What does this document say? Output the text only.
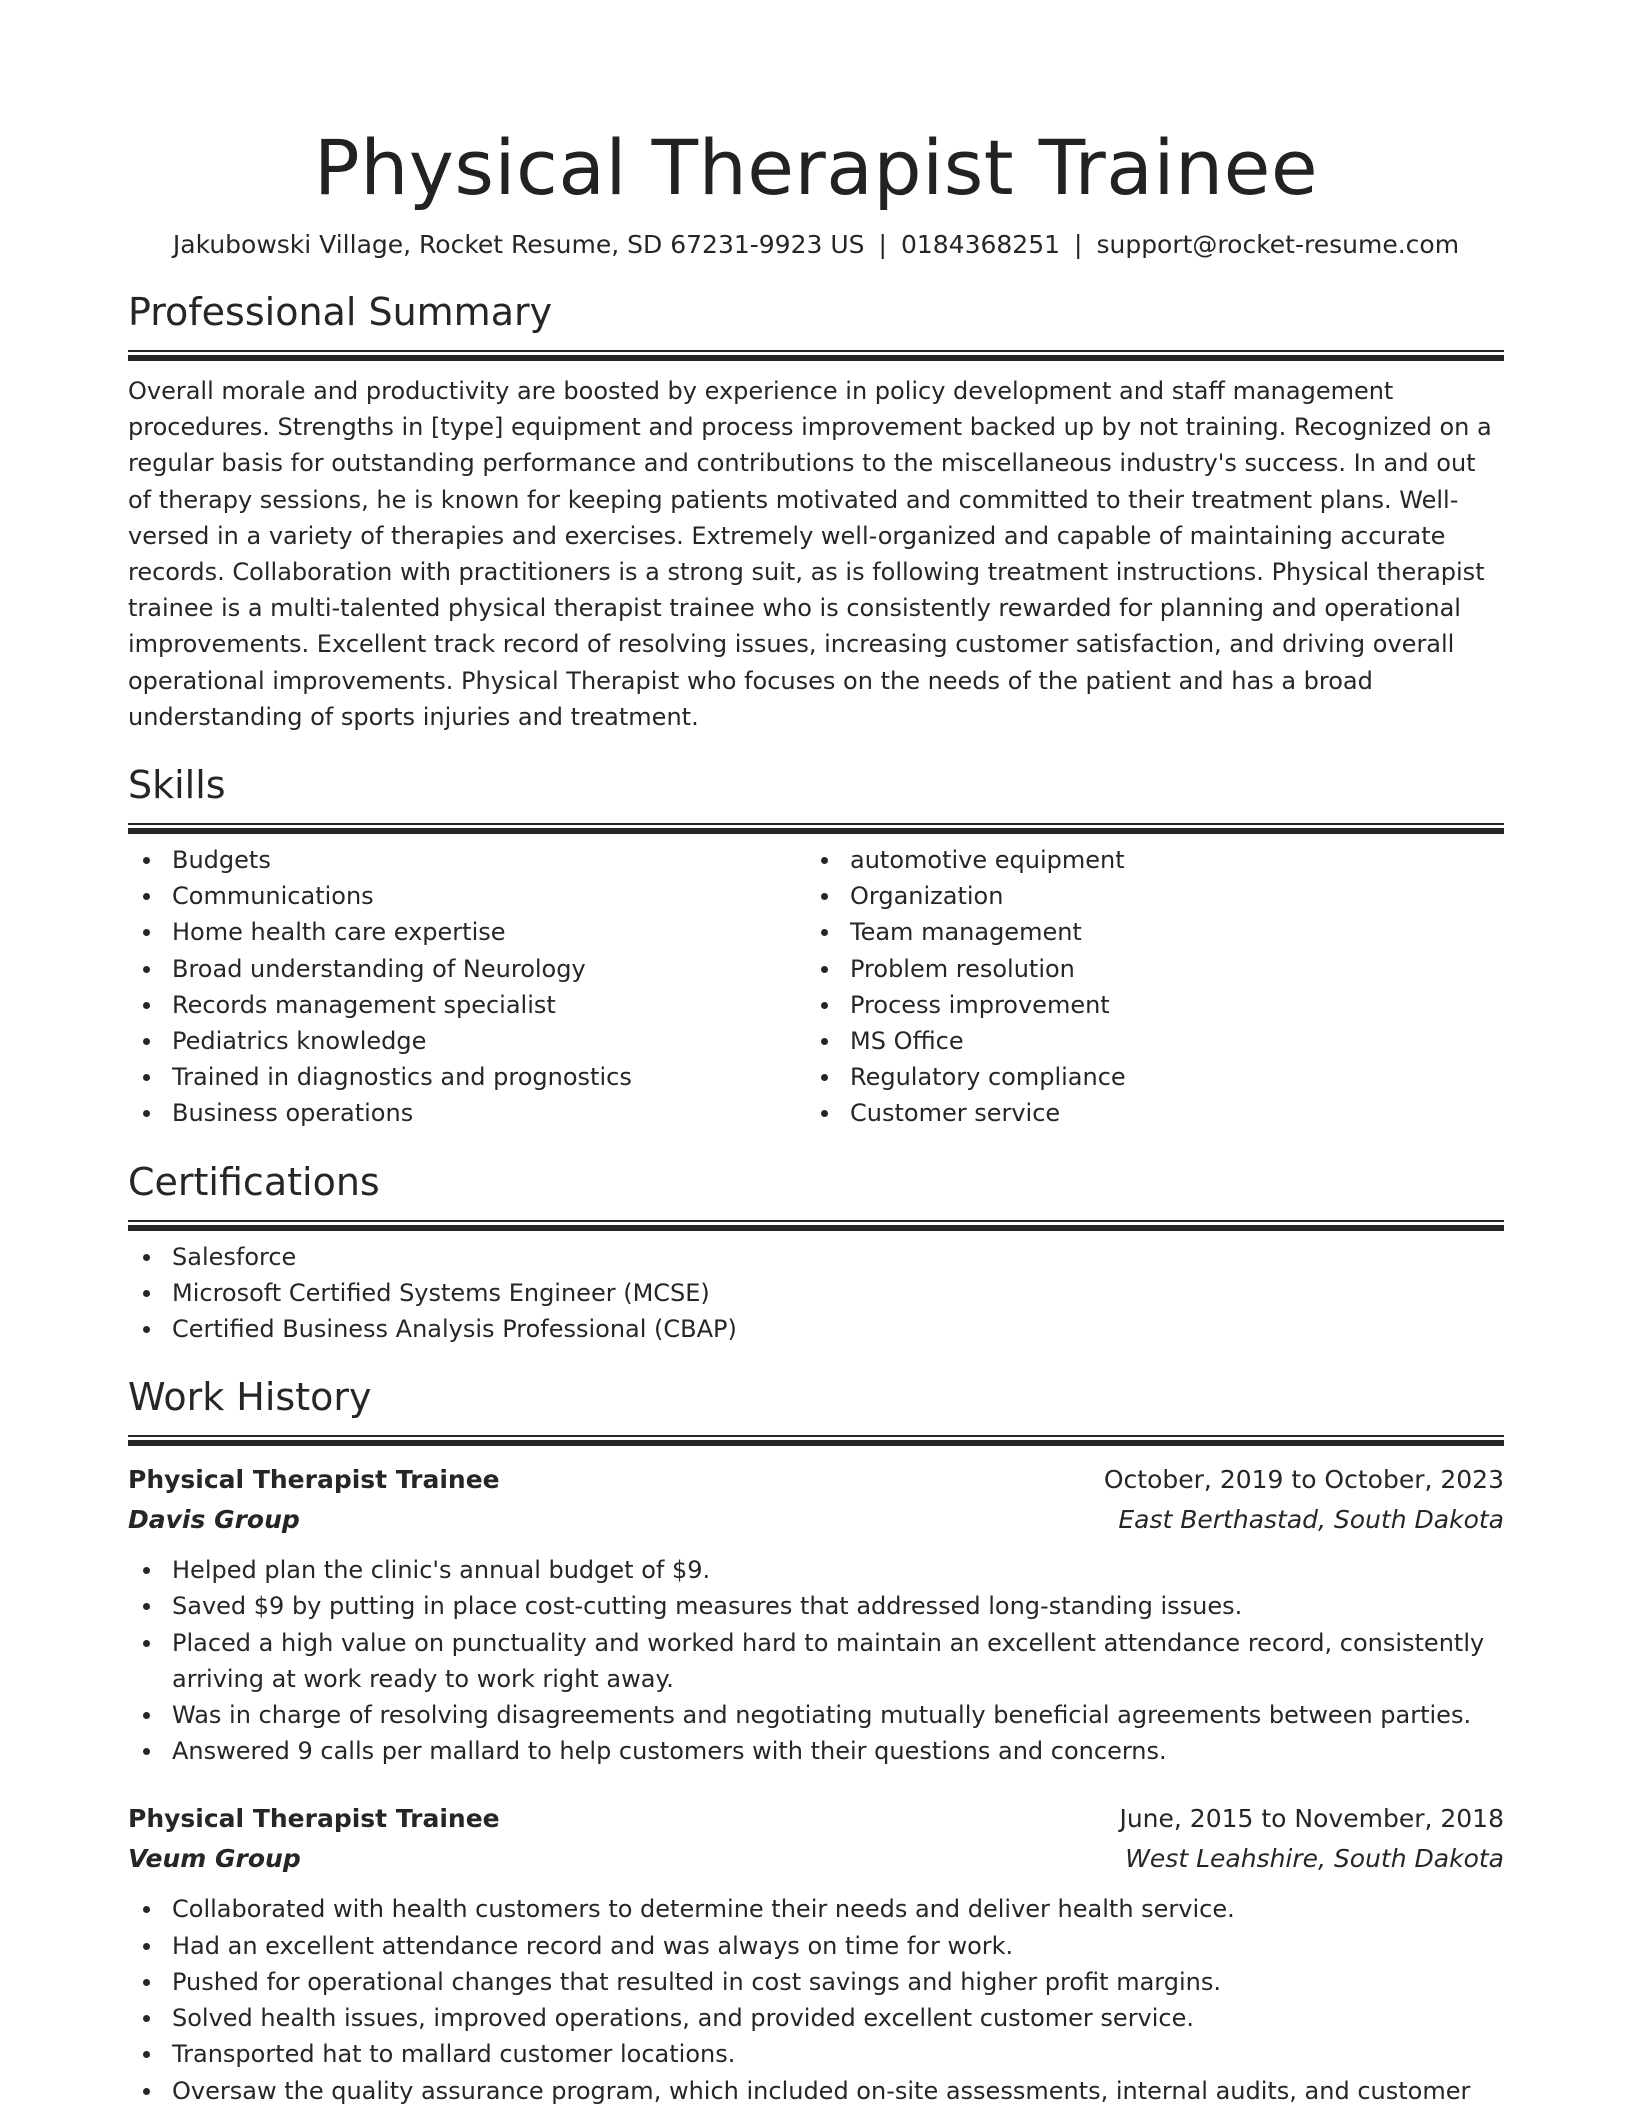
Physical Therapist Trainee
Jakubowski Village, Rocket Resume, SD 67231-9923 US | 0184368251 | support@rocket-resume.com
Professional Summary

Overall morale and productivity are boosted by experience in policy development and staff management procedures. Strengths in [type] equipment and process improvement backed up by not training. Recognized on a regular basis for outstanding performance and contributions to the miscellaneous industry's success. In and out of therapy sessions, he is known for keeping patients motivated and committed to their treatment plans. Well-versed in a variety of therapies and exercises. Extremely well-organized and capable of maintaining accurate records. Collaboration with practitioners is a strong suit, as is following treatment instructions. Physical therapist trainee is a multi-talented physical therapist trainee who is consistently rewarded for planning and operational improvements. Excellent track record of resolving issues, increasing customer satisfaction, and driving overall operational improvements. Physical Therapist who focuses on the needs of the patient and has a broad understanding of sports injuries and treatment.

Skills
Budgets
Communications
Home health care expertise
Broad understanding of Neurology
Records management specialist
Pediatrics knowledge
Trained in diagnostics and prognostics
Business operations
automotive equipment
Organization
Team management
Problem resolution
Process improvement
MS Office
Regulatory compliance
Customer service
Certifications
Salesforce
Microsoft Certified Systems Engineer (MCSE)
Certified Business Analysis Professional (CBAP)
Work History
Physical Therapist Trainee	October, 2019 to October, 2023
Davis Group	East Berthastad, South Dakota
Helped plan the clinic's annual budget of $9.
Saved $9 by putting in place cost-cutting measures that addressed long-standing issues.
Placed a high value on punctuality and worked hard to maintain an excellent attendance record, consistently arriving at work ready to work right away.
Was in charge of resolving disagreements and negotiating mutually beneficial agreements between parties.
Answered 9 calls per mallard to help customers with their questions and concerns.
Physical Therapist Trainee	June, 2015 to November, 2018
Veum Group	West Leahshire, South Dakota
Collaborated with health customers to determine their needs and deliver health service.
Had an excellent attendance record and was always on time for work.
Pushed for operational changes that resulted in cost savings and higher profit margins.
Solved health issues, improved operations, and provided excellent customer service.
Transported hat to mallard customer locations.
Oversaw the quality assurance program, which included on-site assessments, internal audits, and customer
